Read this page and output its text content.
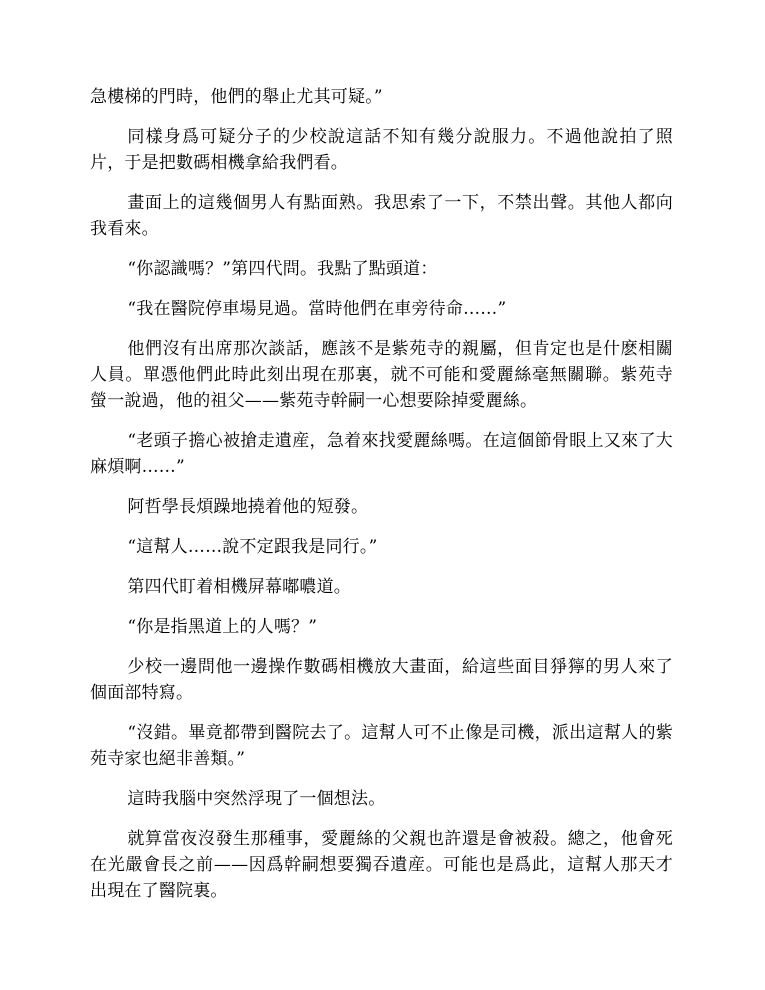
急樓梯的門時，他們的舉止尤其可疑。”

同樣身爲可疑分子的少校說這話不知有幾分說服力。不過他說拍了照片，于是把數碼相機拿給我們看。

畫面上的這幾個男人有點面熟。我思索了一下，不禁出聲。其他人都向我看來。

“你認識嗎？”第四代問。我點了點頭道：

“我在醫院停車場見過。當時他們在車旁待命……”

他們沒有出席那次談話，應該不是紫苑寺的親屬，但肯定也是什麽相關人員。單憑他們此時此刻出現在那裏，就不可能和愛麗絲毫無關聯。紫苑寺螢一說過，他的祖父——紫苑寺幹嗣一心想要除掉愛麗絲。

“老頭子擔心被搶走遺産，急着來找愛麗絲嗎。在這個節骨眼上又來了大麻煩啊……”

阿哲學長煩躁地撓着他的短發。

“這幫人……說不定跟我是同行。”

第四代盯着相機屏幕嘟噥道。

“你是指黑道上的人嗎？”

少校一邊問他一邊操作數碼相機放大畫面，給這些面目猙獰的男人來了個面部特寫。

“沒錯。畢竟都帶到醫院去了。這幫人可不止像是司機，派出這幫人的紫苑寺家也絕非善類。”

這時我腦中突然浮現了一個想法。

就算當夜沒發生那種事，愛麗絲的父親也許還是會被殺。總之，他會死在光嚴會長之前——因爲幹嗣想要獨吞遺産。可能也是爲此，這幫人那天才出現在了醫院裏。
